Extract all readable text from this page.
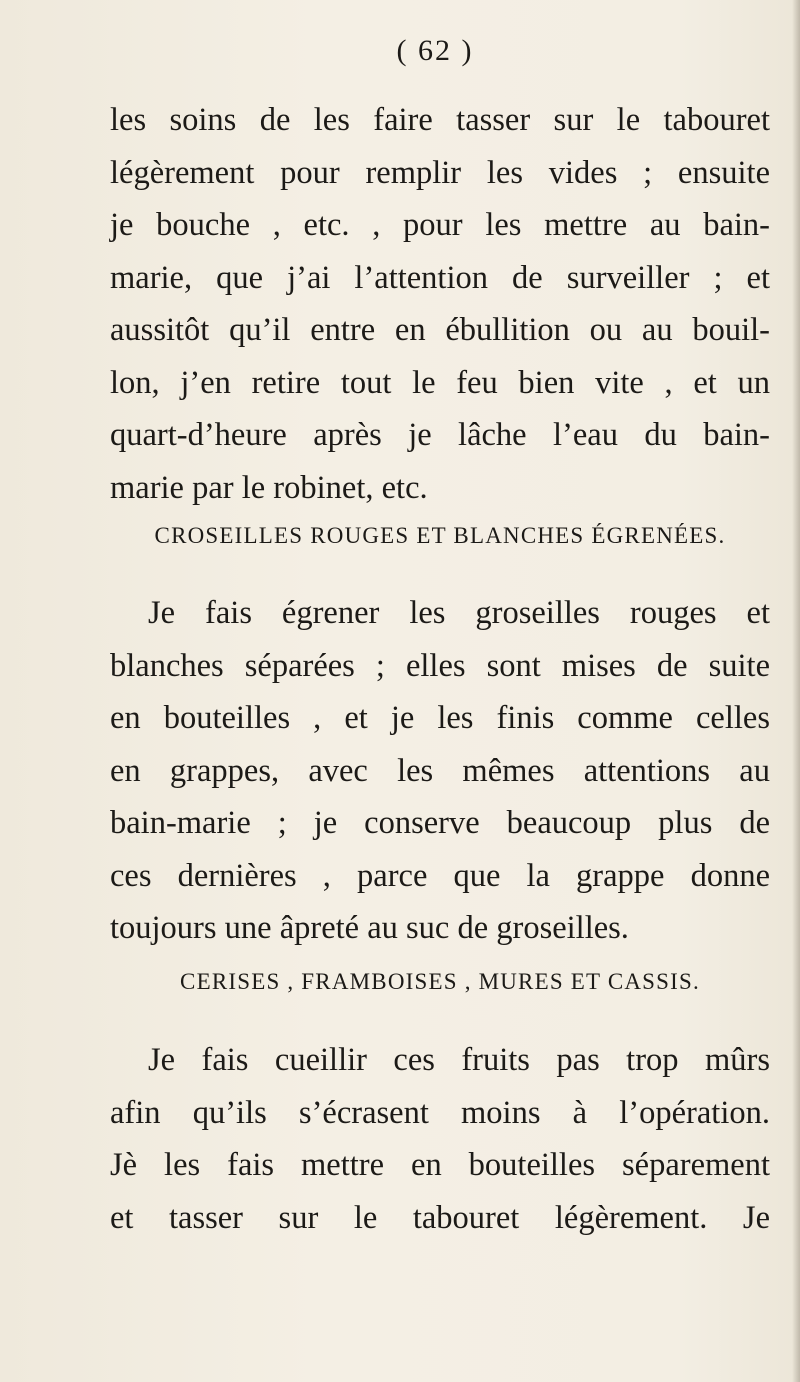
( 62 )
les soins de les faire tasser sur le tabouret
légèrement pour remplir les vides ; ensuite
je bouche , etc. , pour les mettre au bain-
marie, que j’ai l’attention de surveiller ; et
aussitôt qu’il entre en ébullition ou au bouil-
lon, j’en retire tout le feu bien vite , et un
quart-d’heure après je lâche l’eau du bain-
marie par le robinet, etc.
CROSEILLES ROUGES ET BLANCHES ÉGRENÉES.
Je fais égrener les groseilles rouges et
blanches séparées ; elles sont mises de suite
en bouteilles , et je les finis comme celles
en grappes, avec les mêmes attentions au
bain-marie ; je conserve beaucoup plus de
ces dernières , parce que la grappe donne
toujours une âpreté au suc de groseilles.
CERISES , FRAMBOISES , MURES ET CASSIS.
Je fais cueillir ces fruits pas trop mûrs
afin qu’ils s’écrasent moins à l’opération.
Jè les fais mettre en bouteilles séparement
et tasser sur le tabouret légèrement. Je
